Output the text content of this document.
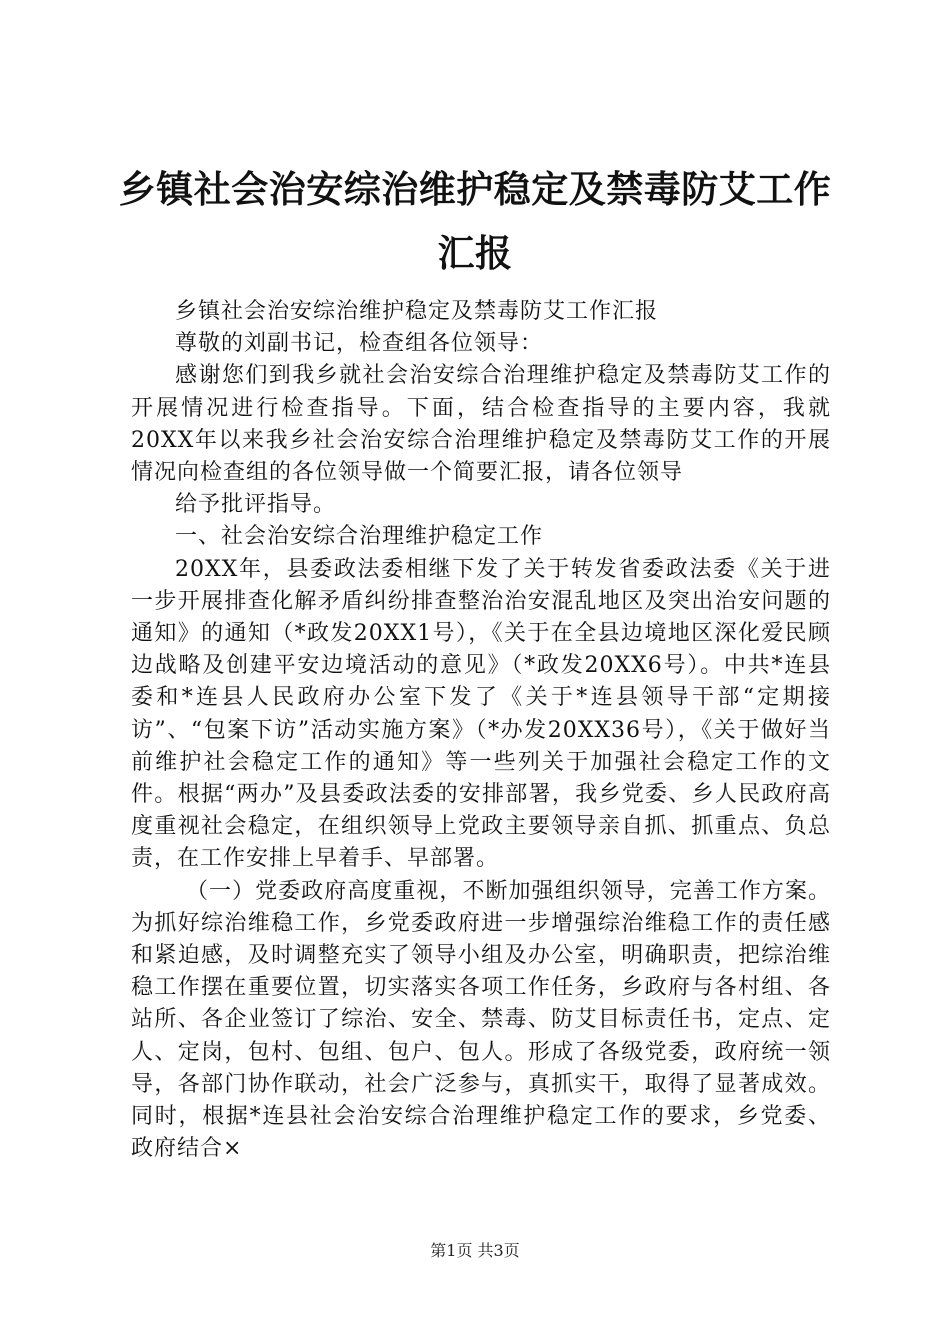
乡镇社会治安综治维护稳定及禁毒防艾工作汇报

乡镇社会治安综治维护稳定及禁毒防艾工作汇报

尊敬的刘副书记，检查组各位领导：

感谢您们到我乡就社会治安综合治理维护稳定及禁毒防艾工作的开展情况进行检查指导。下面，结合检查指导的主要内容，我就20XX年以来我乡社会治安综合治理维护稳定及禁毒防艾工作的开展情况向检查组的各位领导做一个简要汇报，请各位领导

给予批评指导。

一、社会治安综合治理维护稳定工作

20XX年，县委政法委相继下发了关于转发省委政法委《关于进一步开展排查化解矛盾纠纷排查整治治安混乱地区及突出治安问题的通知》的通知（*政发20XX1号），《关于在全县边境地区深化爱民顾边战略及创建平安边境活动的意见》（*政发20XX6号）。中共*连县委和*连县人民政府办公室下发了《关于*连县领导干部“定期接访”、“包案下访”活动实施方案》（*办发20XX36号），《关于做好当前维护社会稳定工作的通知》等一些列关于加强社会稳定工作的文件。根据“两办”及县委政法委的安排部署，我乡党委、乡人民政府高度重视社会稳定，在组织领导上党政主要领导亲自抓、抓重点、负总责，在工作安排上早着手、早部署。

（一）党委政府高度重视，不断加强组织领导，完善工作方案。为抓好综治维稳工作，乡党委政府进一步增强综治维稳工作的责任感和紧迫感，及时调整充实了领导小组及办公室，明确职责，把综治维稳工作摆在重要位置，切实落实各项工作任务，乡政府与各村组、各站所、各企业签订了综治、安全、禁毒、防艾目标责任书，定点、定人、定岗，包村、包组、包户、包人。形成了各级党委，政府统一领导，各部门协作联动，社会广泛参与，真抓实干，取得了显著成效。同时，根据*连县社会治安综合治理维护稳定工作的要求，乡党委、政府结合×

第1页 共3页
